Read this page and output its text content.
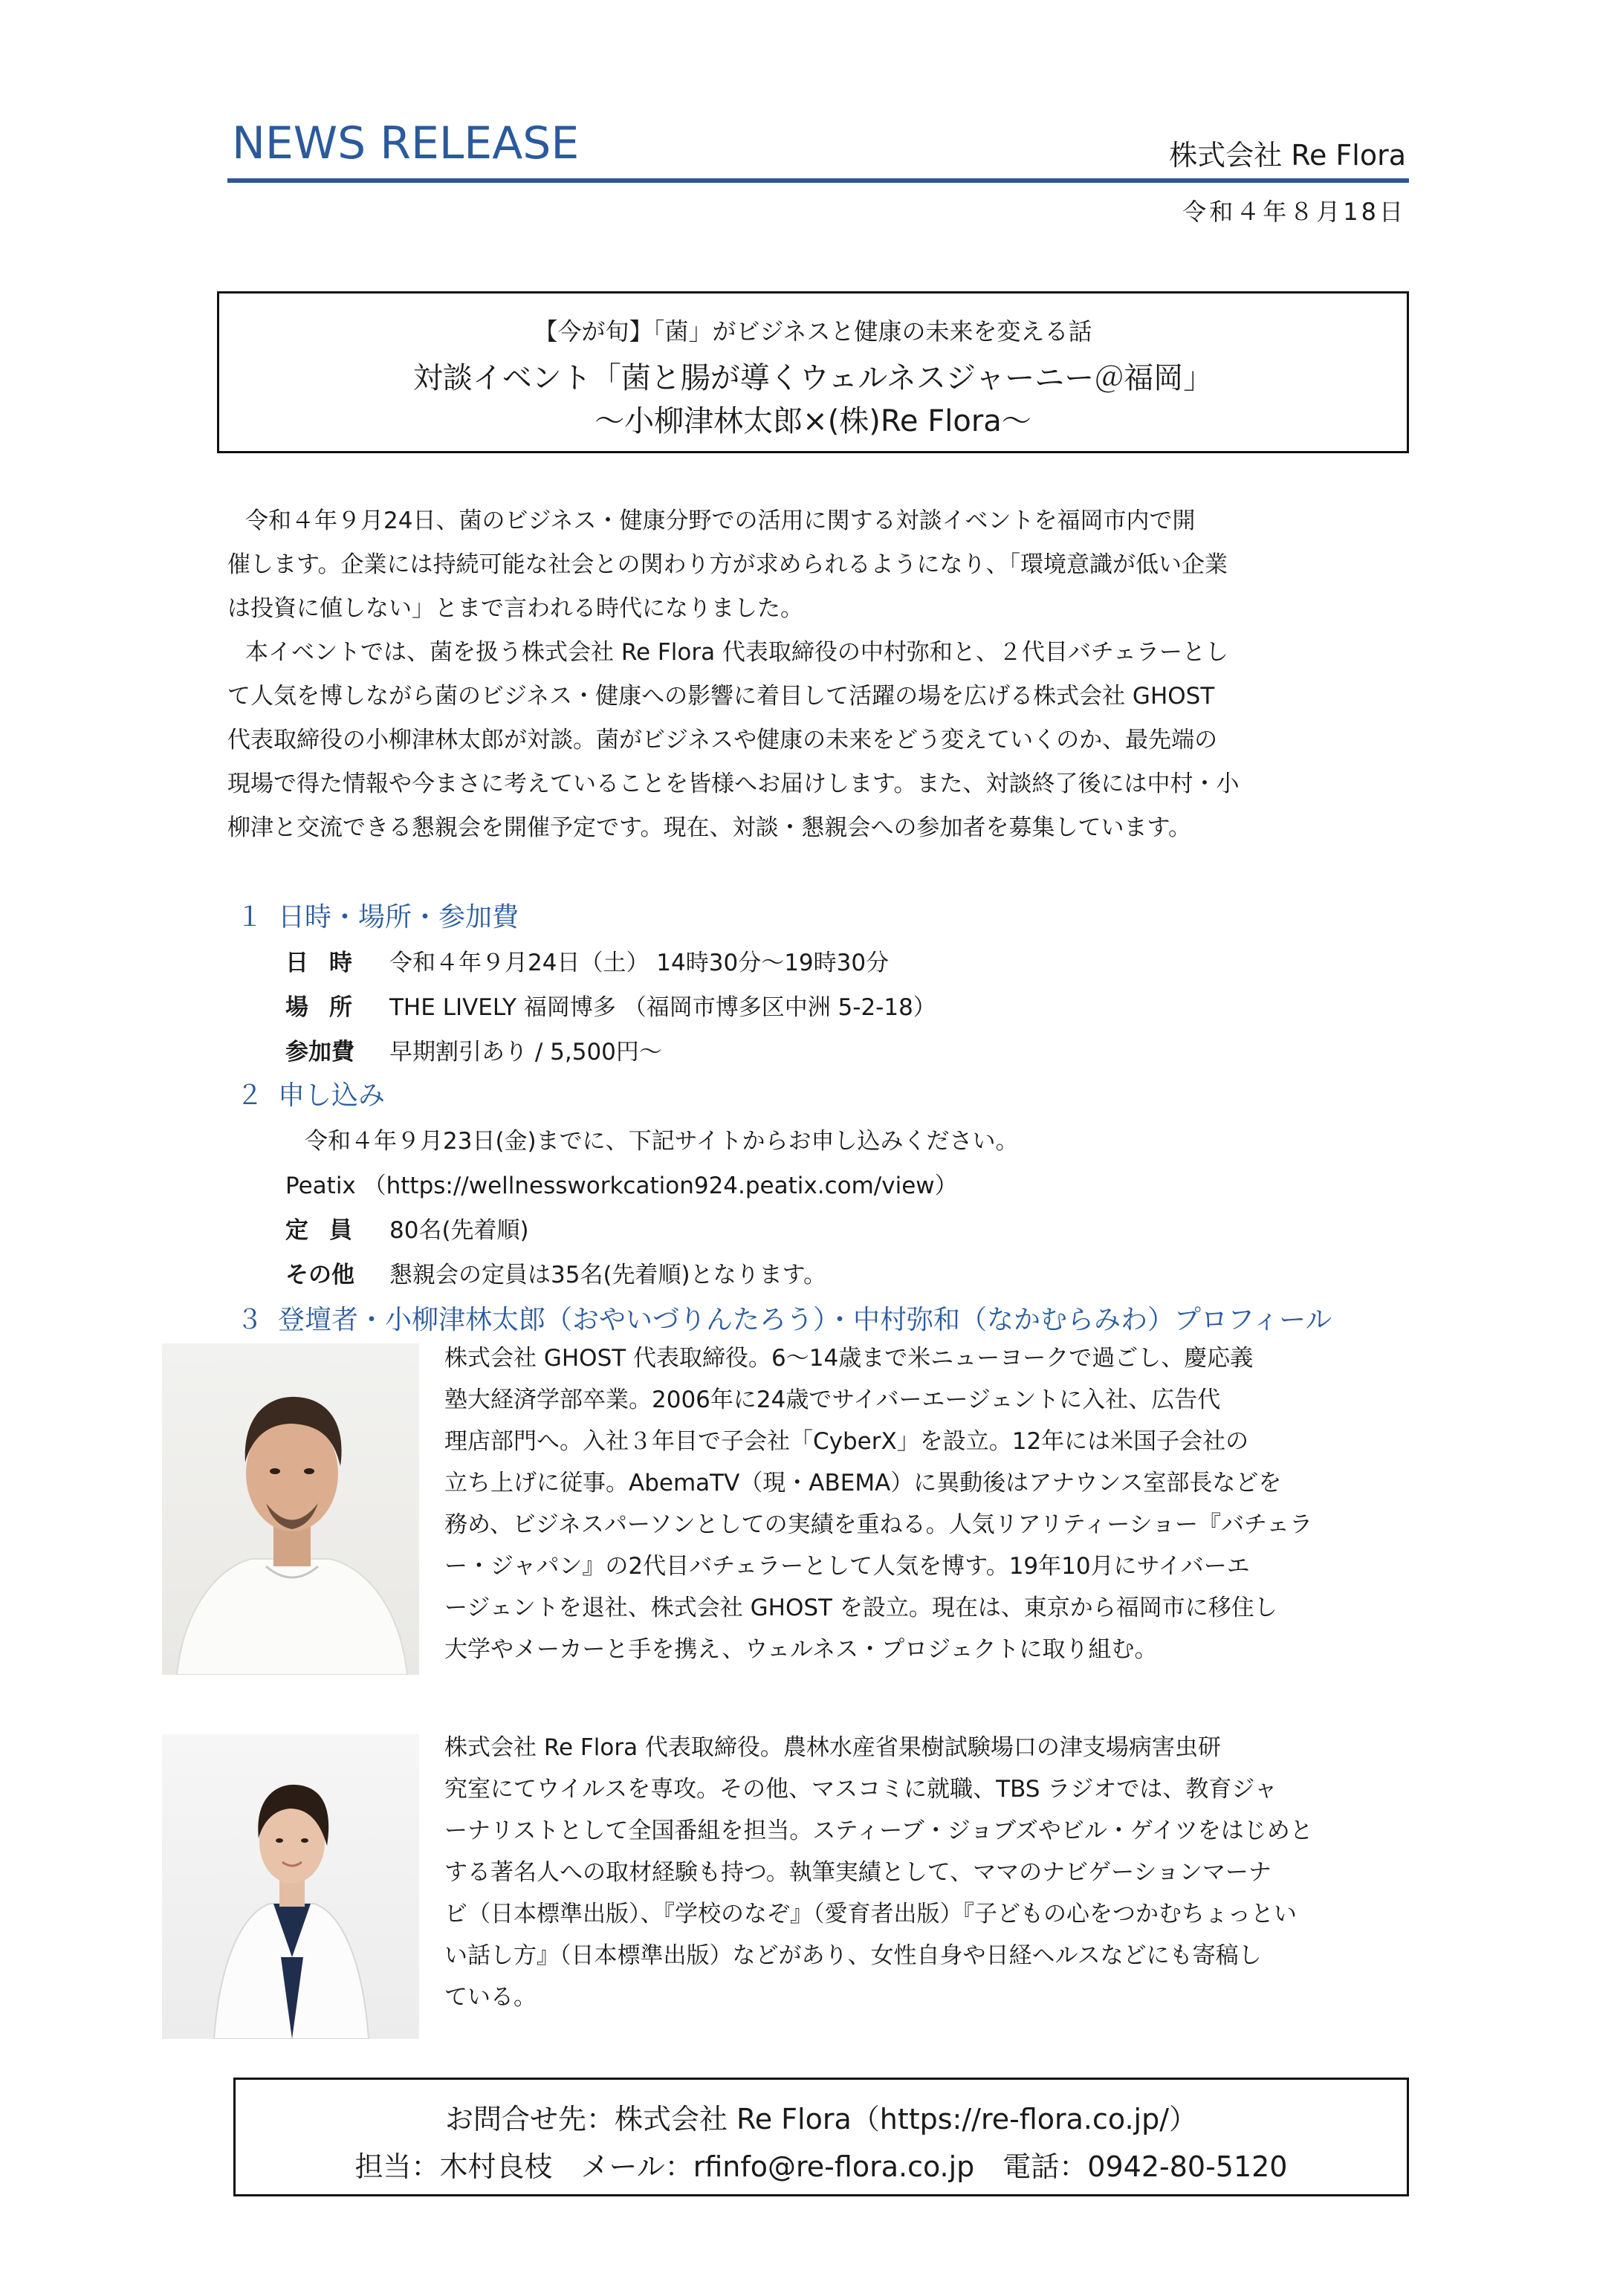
NEWS RELEASE	株式会社 Re Flora
令和４年８月18日
【今が旬】「菌」がビジネスと健康の未来を変える話
対談イベント「菌と腸が導くウェルネスジャーニー＠福岡」
～小柳津林太郎×(株)Re Flora～
令和４年９月24日、菌のビジネス・健康分野での活用に関する対談イベントを福岡市内で開
催します。企業には持続可能な社会との関わり方が求められるようになり、「環境意識が低い企業
は投資に値しない」とまで言われる時代になりました。
本イベントでは、菌を扱う株式会社 Re Flora 代表取締役の中村弥和と、２代目バチェラーとし
て人気を博しながら菌のビジネス・健康への影響に着目して活躍の場を広げる株式会社 GHOST
代表取締役の小柳津林太郎が対談。菌がビジネスや健康の未来をどう変えていくのか、最先端の
現場で得た情報や今まさに考えていることを皆様へお届けします。また、対談終了後には中村・小
柳津と交流できる懇親会を開催予定です。現在、対談・懇親会への参加者を募集しています。
１ 日時・場所・参加費
日時 令和４年９月24日（土） 14時30分～19時30分
場所 THE LIVELY 福岡博多 （福岡市博多区中洲 5-2-18）
参加費 早期割引あり / 5,500円～
２ 申し込み
令和４年９月23日(金)までに、下記サイトからお申し込みください。
Peatix （https://wellnessworkcation924.peatix.com/view）
定員 80名(先着順)
その他 懇親会の定員は35名(先着順)となります。
３ 登壇者・小柳津林太郎（おやいづりんたろう）・中村弥和（なかむらみわ）プロフィール
株式会社 GHOST 代表取締役。6～14歳まで米ニューヨークで過ごし、慶応義
塾大経済学部卒業。2006年に24歳でサイバーエージェントに入社、広告代
理店部門へ。入社３年目で子会社「CyberX」を設立。12年には米国子会社の
立ち上げに従事。AbemaTV（現・ABEMA）に異動後はアナウンス室部長などを
務め、ビジネスパーソンとしての実績を重ねる。人気リアリティーショー『バチェラ
ー・ジャパン』の2代目バチェラーとして人気を博す。19年10月にサイバーエ
ージェントを退社、株式会社 GHOST を設立。現在は、東京から福岡市に移住し
大学やメーカーと手を携え、ウェルネス・プロジェクトに取り組む。
株式会社 Re Flora 代表取締役。農林水産省果樹試験場口の津支場病害虫研
究室にてウイルスを専攻。その他、マスコミに就職、TBS ラジオでは、教育ジャ
ーナリストとして全国番組を担当。スティーブ・ジョブズやビル・ゲイツをはじめと
する著名人への取材経験も持つ。執筆実績として、ママのナビゲーションマーナ
ビ（日本標準出版）、『学校のなぞ』（愛育者出版）『子どもの心をつかむちょっとい
い話し方』（日本標準出版）などがあり、女性自身や日経ヘルスなどにも寄稿し
ている。
お問合せ先：株式会社 Re Flora（https://re-flora.co.jp/）
担当：木村良枝　メール：rfinfo@re-flora.co.jp　電話：0942-80-5120
